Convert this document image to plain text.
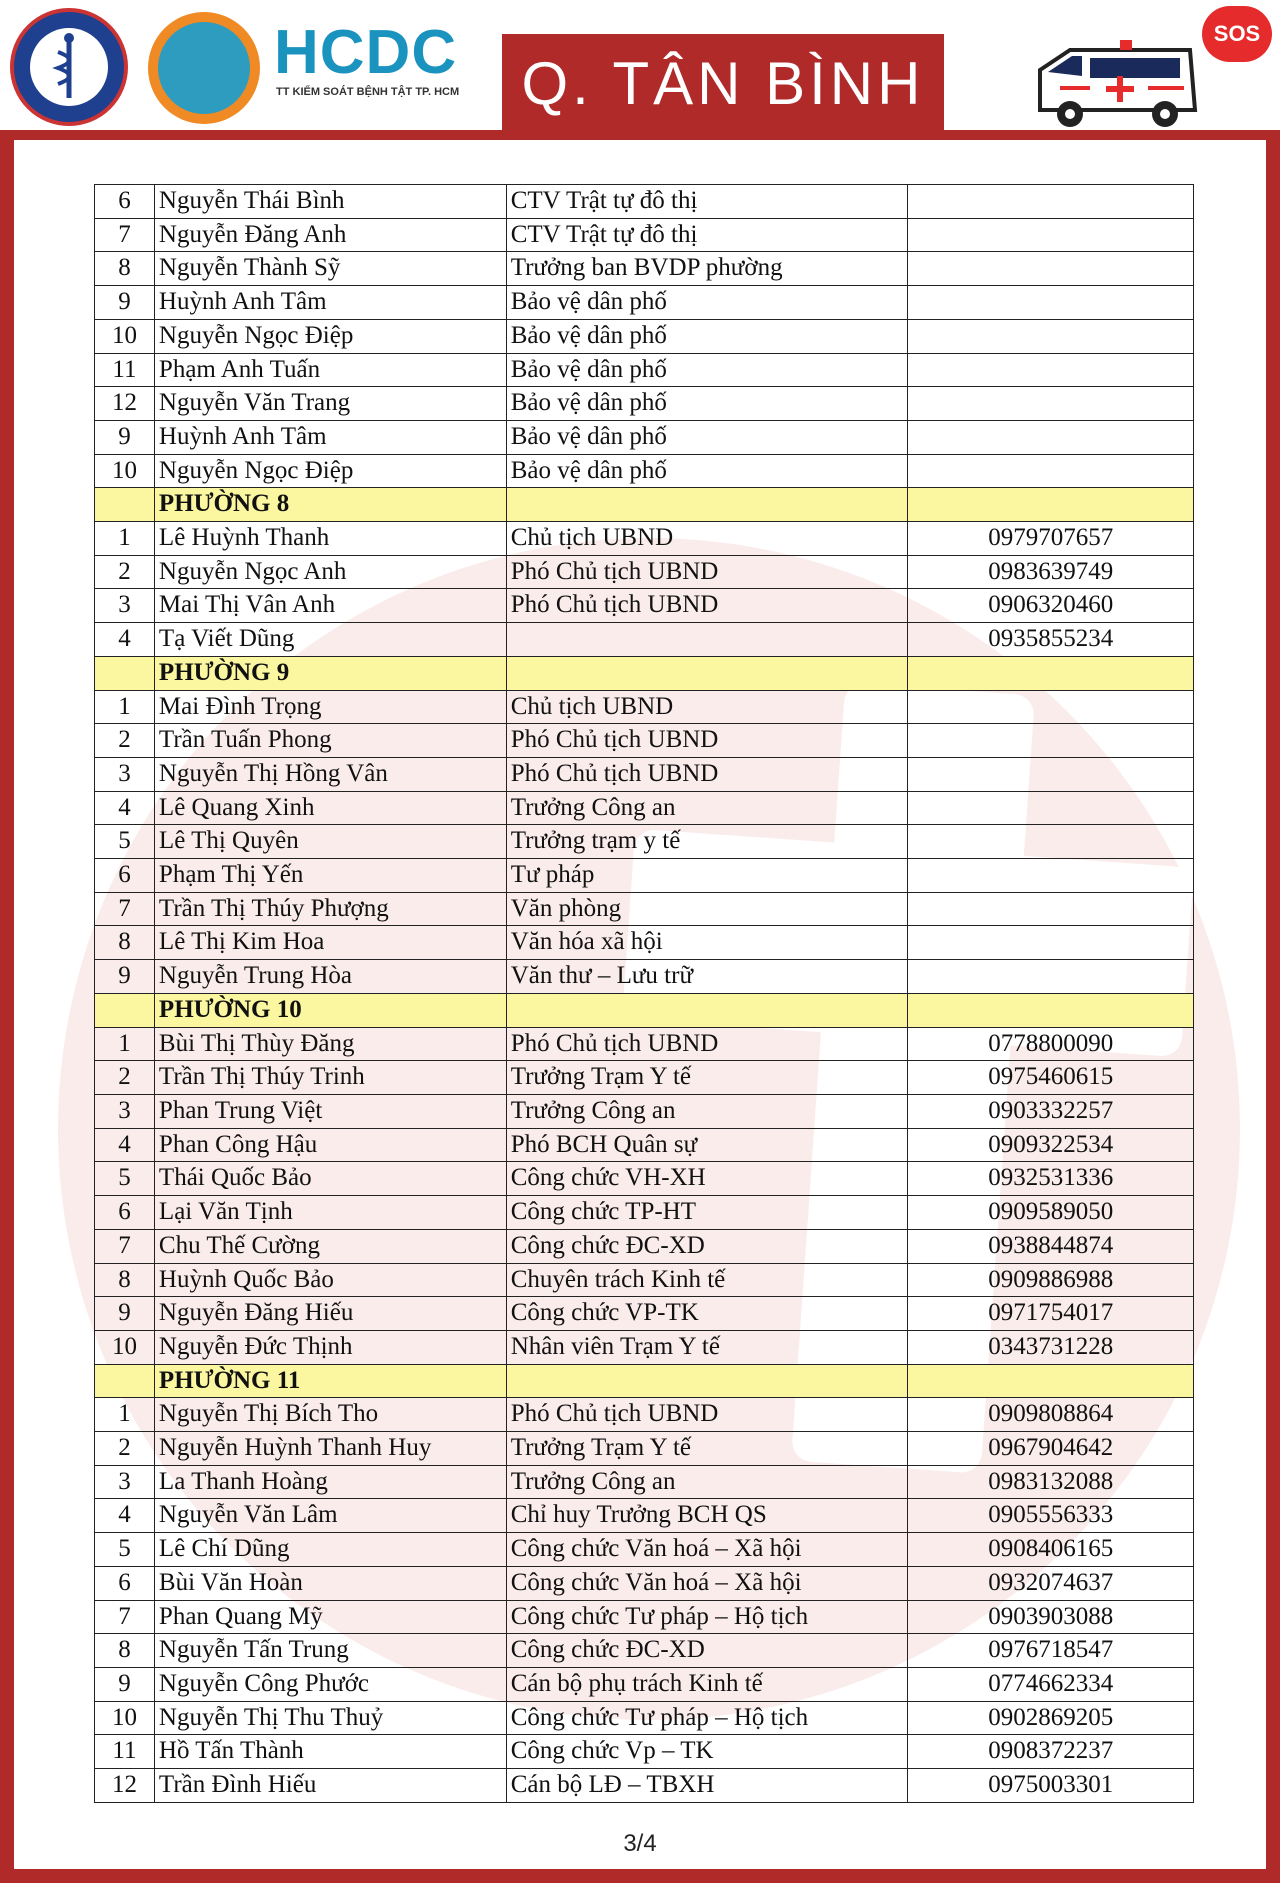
HCDC
TT KIỂM SOÁT BỆNH TẬT TP. HCM	Q. TÂN BÌNH
SOS
6	Nguyễn Thái Bình	CTV Trật tự đô thị	
7	Nguyễn Đăng Anh	CTV Trật tự đô thị	
8	Nguyễn Thành Sỹ	Trưởng ban BVDP phường	
9	Huỳnh Anh Tâm	Bảo vệ dân phố	
10	Nguyễn Ngọc Điệp	Bảo vệ dân phố	
11	Phạm Anh Tuấn	Bảo vệ dân phố	
12	Nguyễn Văn Trang	Bảo vệ dân phố	
9	Huỳnh Anh Tâm	Bảo vệ dân phố	
10	Nguyễn Ngọc Điệp	Bảo vệ dân phố	
	PHƯỜNG 8		
1	Lê Huỳnh Thanh	Chủ tịch UBND	0979707657
2	Nguyễn Ngọc Anh	Phó Chủ tịch UBND	0983639749
3	Mai Thị Vân Anh	Phó Chủ tịch UBND	0906320460
4	Tạ Viết Dũng		0935855234
	PHƯỜNG 9		
1	Mai Đình Trọng	Chủ tịch UBND	
2	Trần Tuấn Phong	Phó Chủ tịch UBND	
3	Nguyễn Thị Hồng Vân	Phó Chủ tịch UBND	
4	Lê Quang Xinh	Trưởng Công an	
5	Lê Thị Quyên	Trưởng trạm y tế	
6	Phạm Thị Yến	Tư pháp	
7	Trần Thị Thúy Phượng	Văn phòng	
8	Lê Thị Kim Hoa	Văn hóa xã hội	
9	Nguyễn Trung Hòa	Văn thư – Lưu trữ	
	PHƯỜNG 10		
1	Bùi Thị Thùy Đăng	Phó Chủ tịch UBND	0778800090
2	Trần Thị Thúy Trinh	Trưởng Trạm Y tế	0975460615
3	Phan Trung Việt	Trưởng Công an	0903332257
4	Phan Công Hậu	Phó BCH Quân sự	0909322534
5	Thái Quốc Bảo	Công chức VH-XH	0932531336
6	Lại Văn Tịnh	Công chức TP-HT	0909589050
7	Chu Thế Cường	Công chức ĐC-XD	0938844874
8	Huỳnh Quốc Bảo	Chuyên trách Kinh tế	0909886988
9	Nguyễn Đăng Hiếu	Công chức VP-TK	0971754017
10	Nguyễn Đức Thịnh	Nhân viên Trạm Y tế	0343731228
	PHƯỜNG 11		
1	Nguyễn Thị Bích Tho	Phó Chủ tịch UBND	0909808864
2	Nguyễn Huỳnh Thanh Huy	Trưởng Trạm Y tế	0967904642
3	La Thanh Hoàng	Trưởng Công an	0983132088
4	Nguyễn Văn Lâm	Chỉ huy Trưởng BCH QS	0905556333
5	Lê Chí Dũng	Công chức Văn hoá – Xã hội	0908406165
6	Bùi Văn Hoàn	Công chức Văn hoá – Xã hội	0932074637
7	Phan Quang Mỹ	Công chức Tư pháp – Hộ tịch	0903903088
8	Nguyễn Tấn Trung	Công chức ĐC-XD	0976718547
9	Nguyễn Công Phước	Cán bộ phụ trách Kinh tế	0774662334
10	Nguyễn Thị Thu Thuỷ	Công chức Tư pháp – Hộ tịch	0902869205
11	Hồ Tấn Thành	Công chức Vp – TK	0908372237
12	Trần Đình Hiếu	Cán bộ LĐ – TBXH	0975003301
3/4
